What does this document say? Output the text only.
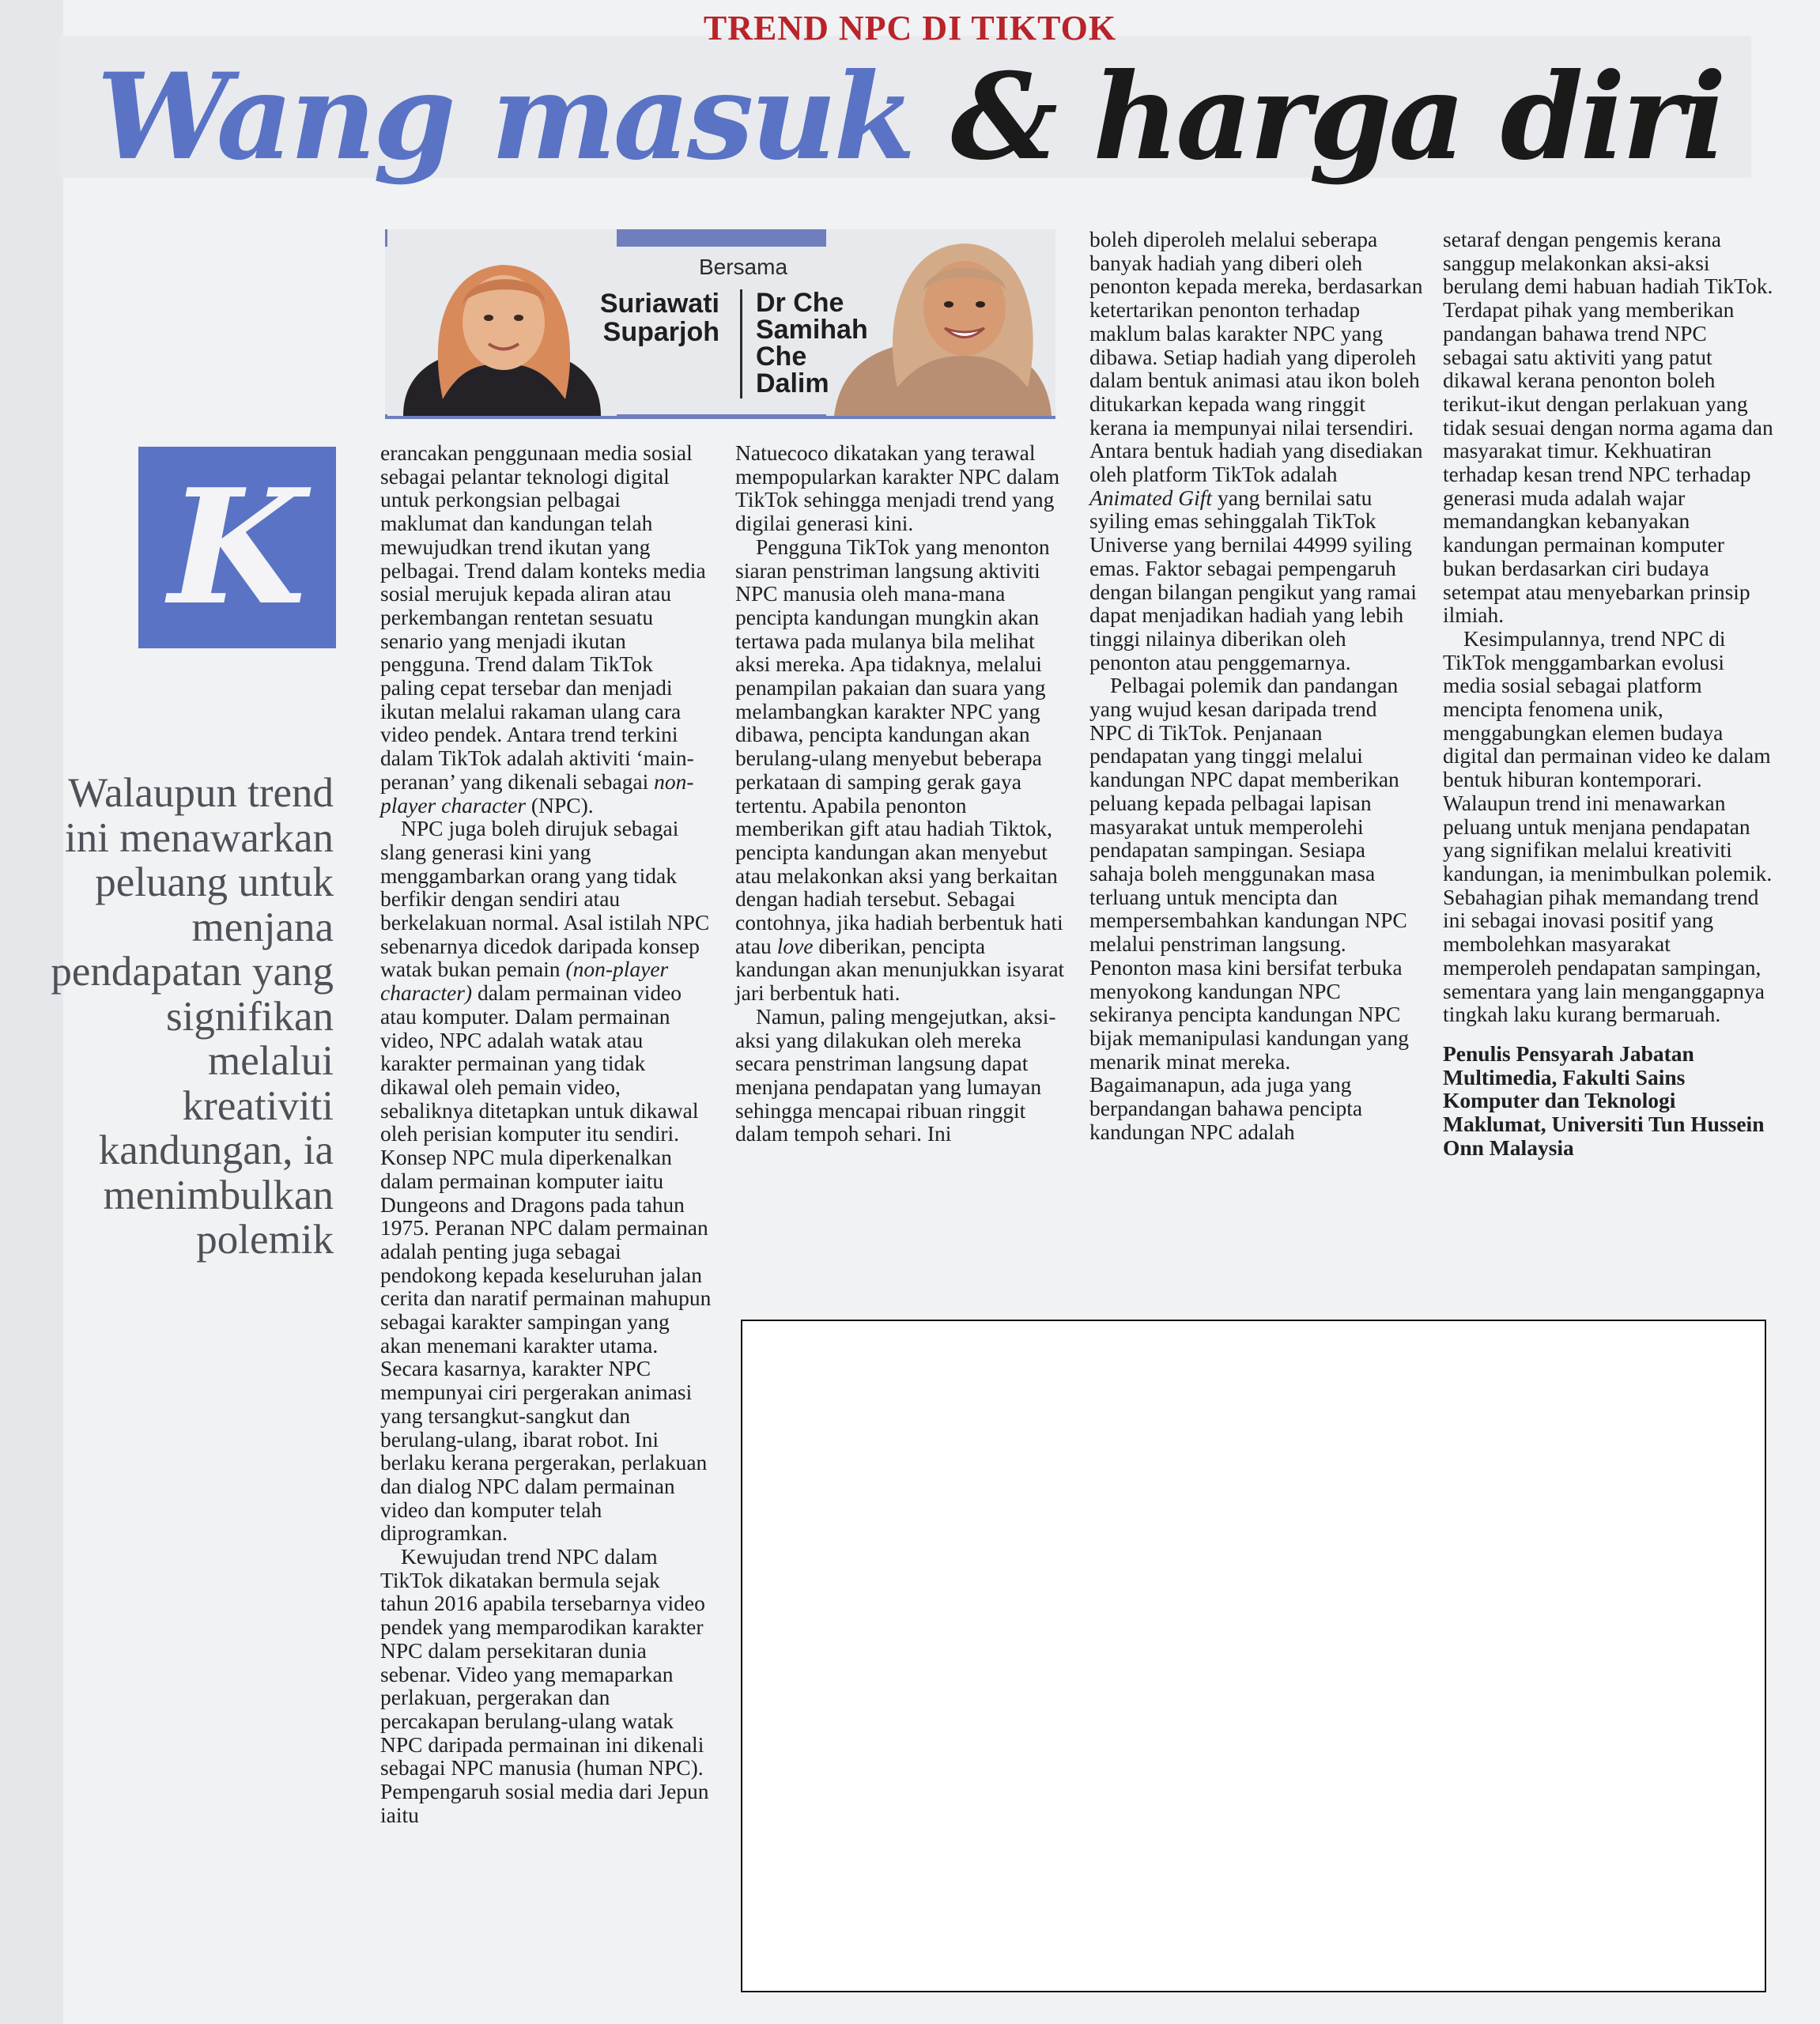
TREND NPC DI TIKTOK
Wang masuk & harga diri
Bersama
Suriawati
Suparjoh
Dr Che
Samihah
Che
Dalim
K
Walaupun trend ini menawarkan peluang untuk menjana pendapatan yang signifikan melalui kreativiti kandungan, ia menimbulkan polemik

erancakan penggunaan media sosial sebagai pelantar teknologi digital untuk perkongsian pelbagai maklumat dan kandungan telah mewujudkan trend ikutan yang pelbagai. Trend dalam konteks media sosial merujuk kepada aliran atau perkembangan rentetan sesuatu senario yang menjadi ikutan pengguna. Trend dalam TikTok paling cepat tersebar dan menjadi ikutan melalui rakaman ulang cara video pendek. Antara trend terkini dalam TikTok adalah aktiviti ‘main-peranan’ yang dikenali sebagai non-player character (NPC).

NPC juga boleh dirujuk sebagai slang generasi kini yang menggambarkan orang yang tidak berfikir dengan sendiri atau berkelakuan normal. Asal istilah NPC sebenarnya dicedok daripada konsep watak bukan pemain (non-player character) dalam permainan video atau komputer. Dalam permainan video, NPC adalah watak atau karakter permainan yang tidak dikawal oleh pemain video, sebaliknya ditetapkan untuk dikawal oleh perisian komputer itu sendiri. Konsep NPC mula diperkenalkan dalam permainan komputer iaitu Dungeons and Dragons pada tahun 1975. Peranan NPC dalam permainan adalah penting juga sebagai pendokong kepada keseluruhan jalan cerita dan naratif permainan mahupun sebagai karakter sampingan yang akan menemani karakter utama. Secara kasarnya, karakter NPC mempunyai ciri pergerakan animasi yang tersangkut-sangkut dan berulang-ulang, ibarat robot. Ini berlaku kerana pergerakan, perlakuan dan dialog NPC dalam permainan video dan komputer telah diprogramkan.

Kewujudan trend NPC dalam TikTok dikatakan bermula sejak tahun 2016 apabila tersebarnya video pendek yang memparodikan karakter NPC dalam persekitaran dunia sebenar. Video yang memaparkan perlakuan, pergerakan dan percakapan berulang-ulang watak NPC daripada permainan ini dikenali sebagai NPC manusia (human NPC). Pempengaruh sosial media dari Jepun iaitu

Natuecoco dikatakan yang terawal mempopularkan karakter NPC dalam TikTok sehingga menjadi trend yang digilai generasi kini.

Pengguna TikTok yang menonton siaran penstriman langsung aktiviti NPC manusia oleh mana-mana pencipta kandungan mungkin akan tertawa pada mulanya bila melihat aksi mereka. Apa tidaknya, melalui penampilan pakaian dan suara yang melambangkan karakter NPC yang dibawa, pencipta kandungan akan berulang-ulang menyebut beberapa perkataan di samping gerak gaya tertentu. Apabila penonton memberikan gift atau hadiah Tiktok, pencipta kandungan akan menyebut atau melakonkan aksi yang berkaitan dengan hadiah tersebut. Sebagai contohnya, jika hadiah berbentuk hati atau love diberikan, pencipta kandungan akan menunjukkan isyarat jari berbentuk hati.

Namun, paling mengejutkan, aksi-aksi yang dilakukan oleh mereka secara penstriman langsung dapat menjana pendapatan yang lumayan sehingga mencapai ribuan ringgit dalam tempoh sehari. Ini

boleh diperoleh melalui seberapa banyak hadiah yang diberi oleh penonton kepada mereka, berdasarkan ketertarikan penonton terhadap maklum balas karakter NPC yang dibawa. Setiap hadiah yang diperoleh dalam bentuk animasi atau ikon boleh ditukarkan kepada wang ringgit kerana ia mempunyai nilai tersendiri. Antara bentuk hadiah yang disediakan oleh platform TikTok adalah Animated Gift yang bernilai satu syiling emas sehinggalah TikTok Universe yang bernilai 44999 syiling emas. Faktor sebagai pempengaruh dengan bilangan pengikut yang ramai dapat menjadikan hadiah yang lebih tinggi nilainya diberikan oleh penonton atau penggemarnya.

Pelbagai polemik dan pandangan yang wujud kesan daripada trend NPC di TikTok. Penjanaan pendapatan yang tinggi melalui kandungan NPC dapat memberikan peluang kepada pelbagai lapisan masyarakat untuk memperolehi pendapatan sampingan. Sesiapa sahaja boleh menggunakan masa terluang untuk mencipta dan mempersembahkan kandungan NPC melalui penstriman langsung. Penonton masa kini bersifat terbuka menyokong kandungan NPC sekiranya pencipta kandungan NPC bijak memanipulasi kandungan yang menarik minat mereka. Bagaimanapun, ada juga yang berpandangan bahawa pencipta kandungan NPC adalah

setaraf dengan pengemis kerana sanggup melakonkan aksi-aksi berulang demi habuan hadiah TikTok. Terdapat pihak yang memberikan pandangan bahawa trend NPC sebagai satu aktiviti yang patut dikawal kerana penonton boleh terikut-ikut dengan perlakuan yang tidak sesuai dengan norma agama dan masyarakat timur. Kekhuatiran terhadap kesan trend NPC terhadap generasi muda adalah wajar memandangkan kebanyakan kandungan permainan komputer bukan berdasarkan ciri budaya setempat atau menyebarkan prinsip ilmiah.

Kesimpulannya, trend NPC di TikTok menggambarkan evolusi media sosial sebagai platform mencipta fenomena unik, menggabungkan elemen budaya digital dan permainan video ke dalam bentuk hiburan kontemporari. Walaupun trend ini menawarkan peluang untuk menjana pendapatan yang signifikan melalui kreativiti kandungan, ia menimbulkan polemik. Sebahagian pihak memandang trend ini sebagai inovasi positif yang membolehkan masyarakat memperoleh pendapatan sampingan, sementara yang lain menganggapnya tingkah laku kurang bermaruah.

Penulis Pensyarah Jabatan Multimedia, Fakulti Sains Komputer dan Teknologi Maklumat, Universiti Tun Hussein Onn Malaysia
